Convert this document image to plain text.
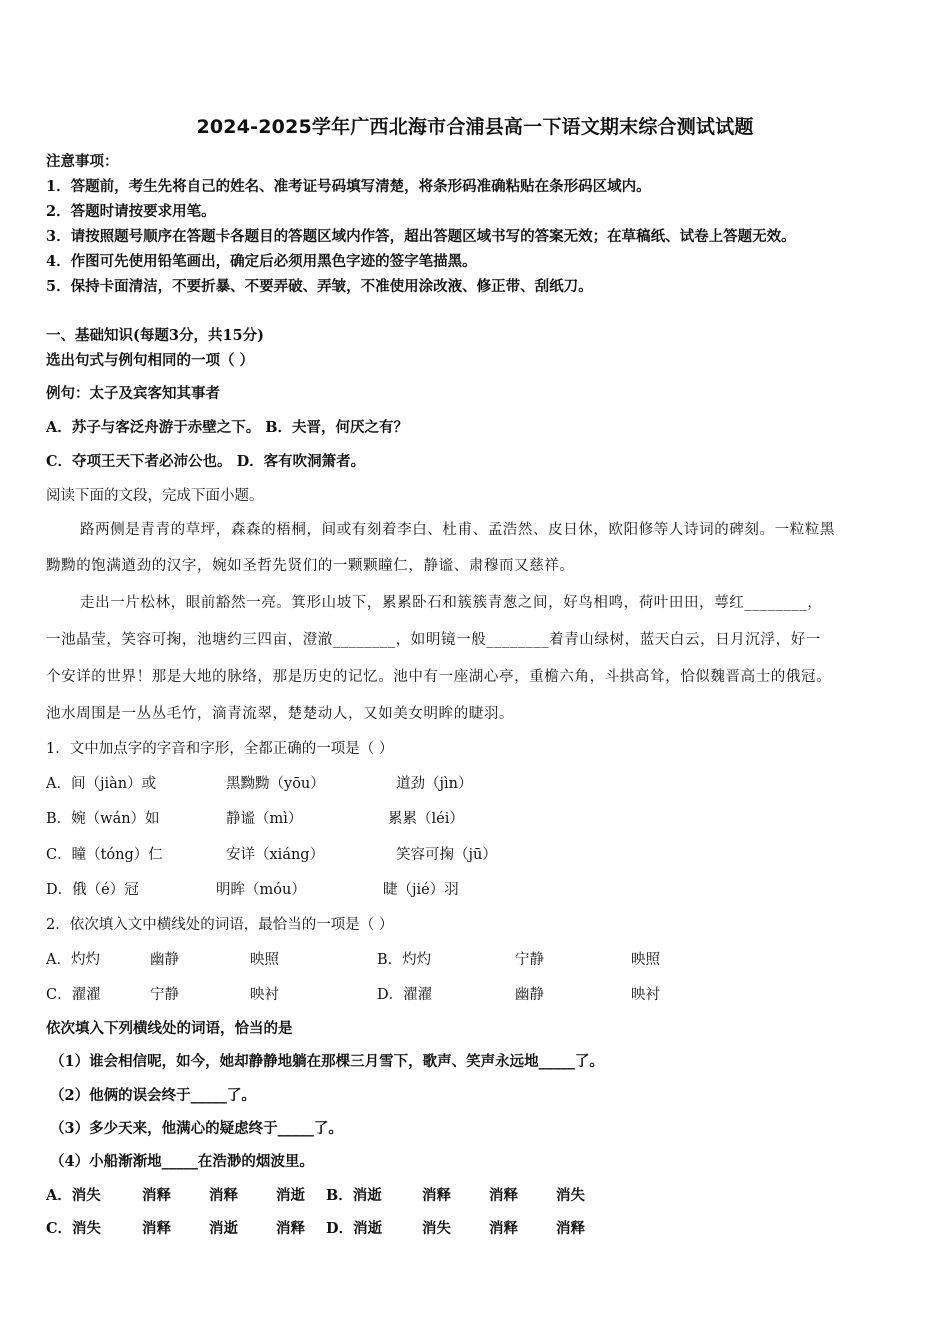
2024-2025学年广西北海市合浦县高一下语文期末综合测试试题
注意事项：
1．答题前，考生先将自己的姓名、准考证号码填写清楚，将条形码准确粘贴在条形码区域内。
2．答题时请按要求用笔。
3．请按照题号顺序在答题卡各题目的答题区域内作答，超出答题区域书写的答案无效；在草稿纸、试卷上答题无效。
4．作图可先使用铅笔画出，确定后必须用黑色字迹的签字笔描黑。
5．保持卡面清洁，不要折暴、不要弄破、弄皱，不准使用涂改液、修正带、刮纸刀。
一、基础知识(每题3分，共15分)
选出句式与例句相同的一项（ ）
例句：太子及宾客知其事者
A．苏子与客泛舟游于赤壁之下。 B．夫晋，何厌之有？
C．夺项王天下者必沛公也。 D．客有吹洞箫者。
阅读下面的文段，完成下面小题。
路两侧是青青的草坪，森森的梧桐，间或有刻着李白、杜甫、孟浩然、皮日休，欧阳修等人诗词的碑刻。一粒粒黑
黝黝的饱满遒劲的汉字，婉如圣哲先贤们的一颗颗瞳仁，静谧、肃穆而又慈祥。
走出一片松林，眼前豁然一亮。箕形山坡下，累累卧石和簇簇青葱之间，好鸟相鸣，荷叶田田，萼红________，
一池晶莹，笑容可掬，池塘约三四亩，澄澈________，如明镜一般________着青山绿树，蓝天白云，日月沉浮，好一
个安详的世界！那是大地的脉络，那是历史的记忆。池中有一座湖心亭，重檐六角，斗拱高耸，恰似魏晋高士的俄冠。
池水周围是一丛丛毛竹，滴青流翠，楚楚动人，又如美女明眸的睫羽。
1．文中加点字的字音和字形，全都正确的一项是（ ）
A．间（jiàn）或	黑黝黝（yōu）	道劲（jìn）
B．婉（wán）如	静谧（mì）	累累（léi）
C．瞳（tóng）仁	安详（xiáng）	笑容可掬（jū）
D．俄（é）冠	明眸（móu）	睫（jié）羽
2．依次填入文中横线处的词语，最恰当的一项是（ ）
A．灼灼	幽静	映照	B．灼灼	宁静	映照
C．濯濯	宁静	映衬	D．濯濯	幽静	映衬
依次填入下列横线处的词语，恰当的是
（1）谁会相信呢，如今，她却静静地躺在那棵三月雪下，歌声、笑声永远地_____了。
（2）他俩的误会终于_____了。
（3）多少天来，他满心的疑虑终于_____了。
（4）小船渐渐地_____在浩渺的烟波里。
A．消失	消释	消释	消逝 B．消逝	消释	消释	消失
C．消失	消释	消逝	消释 D．消逝	消失	消释	消释
